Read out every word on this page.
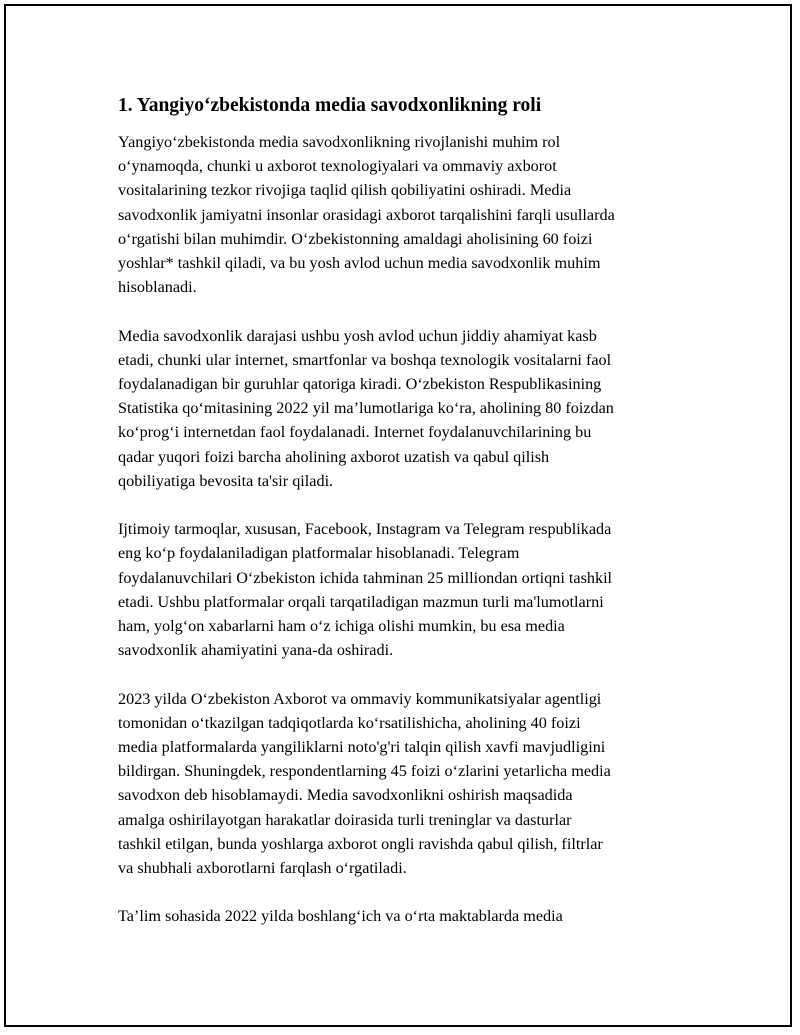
1. Yangiyo‘zbekistonda media savodxonlikning roli

Yangiyo‘zbekistonda media savodxonlikning rivojlanishi muhim rol
o‘ynamoqda, chunki u axborot texnologiyalari va ommaviy axborot
vositalarining tezkor rivojiga taqlid qilish qobiliyatini oshiradi. Media
savodxonlik jamiyatni insonlar orasidagi axborot tarqalishini farqli usullarda
o‘rgatishi bilan muhimdir. O‘zbekistonning amaldagi aholisining 60 foizi
yoshlar* tashkil qiladi, va bu yosh avlod uchun media savodxonlik muhim
hisoblanadi.

Media savodxonlik darajasi ushbu yosh avlod uchun jiddiy ahamiyat kasb
etadi, chunki ular internet, smartfonlar va boshqa texnologik vositalarni faol
foydalanadigan bir guruhlar qatoriga kiradi. O‘zbekiston Respublikasining
Statistika qo‘mitasining 2022 yil ma’lumotlariga ko‘ra, aholining 80 foizdan
ko‘prog‘i internetdan faol foydalanadi. Internet foydalanuvchilarining bu
qadar yuqori foizi barcha aholining axborot uzatish va qabul qilish
qobiliyatiga bevosita ta'sir qiladi.

Ijtimoiy tarmoqlar, xususan, Facebook, Instagram va Telegram respublikada
eng ko‘p foydalaniladigan platformalar hisoblanadi. Telegram
foydalanuvchilari O‘zbekiston ichida tahminan 25 milliondan ortiqni tashkil
etadi. Ushbu platformalar orqali tarqatiladigan mazmun turli ma'lumotlarni
ham, yolg‘on xabarlarni ham o‘z ichiga olishi mumkin, bu esa media
savodxonlik ahamiyatini yana-da oshiradi.

2023 yilda O‘zbekiston Axborot va ommaviy kommunikatsiyalar agentligi
tomonidan o‘tkazilgan tadqiqotlarda ko‘rsatilishicha, aholining 40 foizi
media platformalarda yangiliklarni noto'g'ri talqin qilish xavfi mavjudligini
bildirgan. Shuningdek, respondentlarning 45 foizi o‘zlarini yetarlicha media
savodxon deb hisoblamaydi. Media savodxonlikni oshirish maqsadida
amalga oshirilayotgan harakatlar doirasida turli treninglar va dasturlar
tashkil etilgan, bunda yoshlarga axborot ongli ravishda qabul qilish, filtrlar
va shubhali axborotlarni farqlash o‘rgatiladi.

Ta’lim sohasida 2022 yilda boshlang‘ich va o‘rta maktablarda media
